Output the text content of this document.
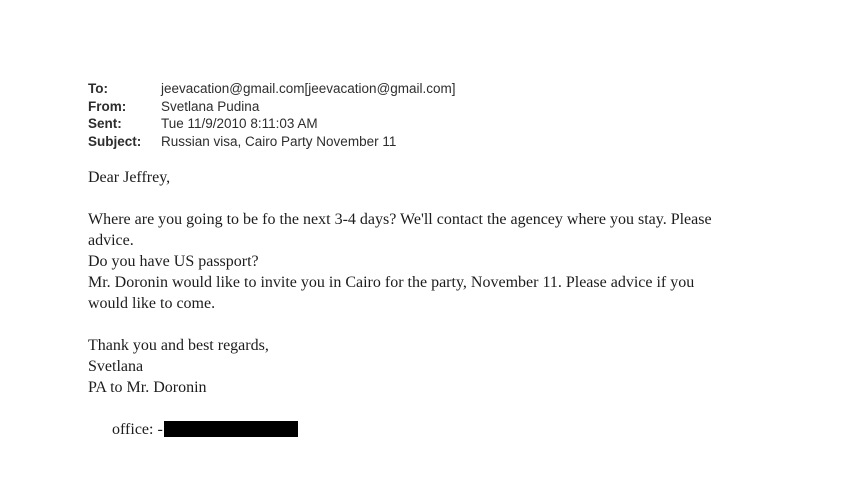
To:	jeevacation@gmail.com[jeevacation@gmail.com]
From:	Svetlana Pudina
Sent:	Tue 11/9/2010 8:11:03 AM
Subject:	Russian visa, Cairo Party November 11
Dear Jeffrey,
Where are you going to be fo the next 3-4 days? We'll contact the agencey where you stay. Please
advice.
Do you have US passport?
Mr. Doronin would like to invite you in Cairo for the party, November 11. Please advice if you
would like to come.
Thank you and best regards,
Svetlana
PA to Mr. Doronin

office: -
